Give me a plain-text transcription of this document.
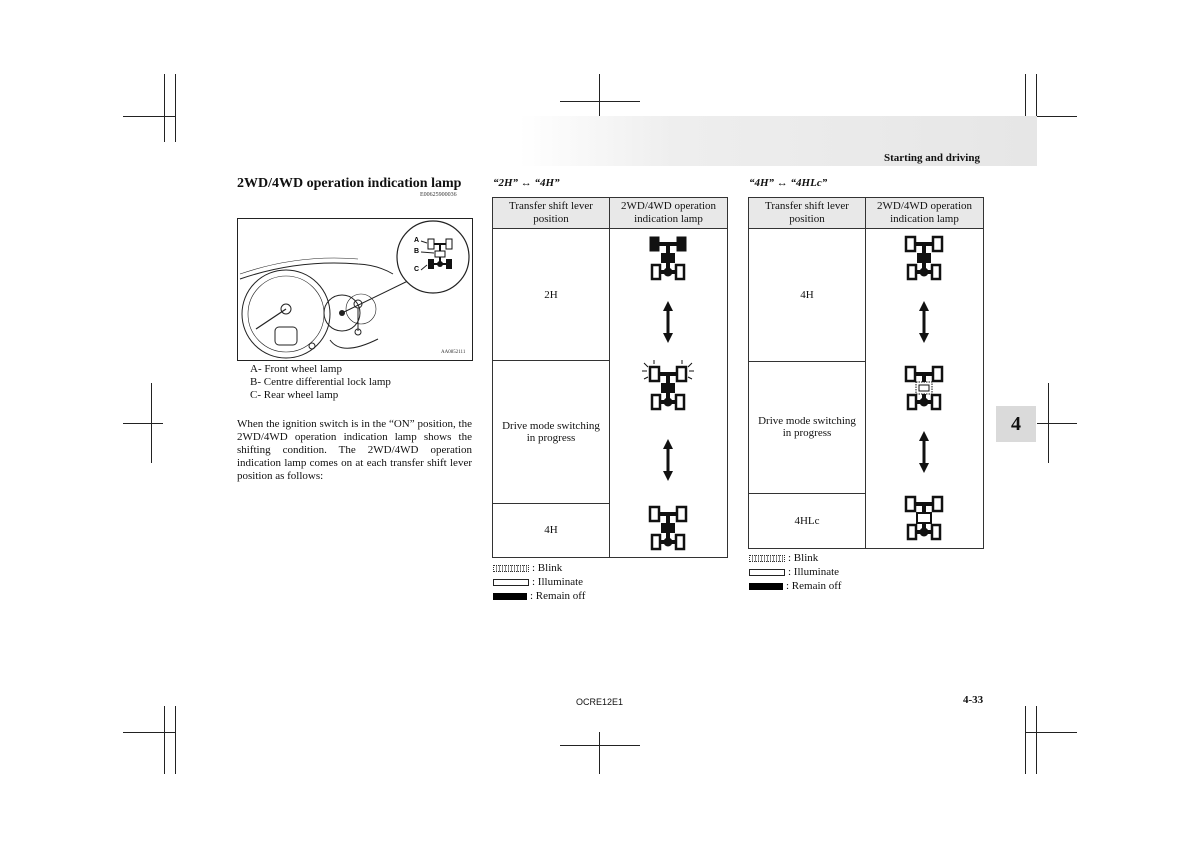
Starting and driving
4
2WD/4WD operation indication lamp
E00625900036
A
B
C
AA0852111
A- Front wheel lamp
B- Centre differential lock lamp
C- Rear wheel lamp
When the ignition switch is in the “ON” position, the 2WD/4WD operation indication lamp shows the shifting condition. The 2WD/4WD operation indication lamp comes on at each transfer shift lever position as follows:
“2H” ↔ “4H”
Transfer shift lever position	2WD/4WD operation indication lamp
2H	
Drive mode switching in progress	
4H	
: Blink
: Illuminate
: Remain off
“4H” ↔ “4HLc”
Transfer shift lever position	2WD/4WD operation indication lamp
4H	
Drive mode switching in progress	
4HLc	
: Blink
: Illuminate
: Remain off
OCRE12E1	4-33
